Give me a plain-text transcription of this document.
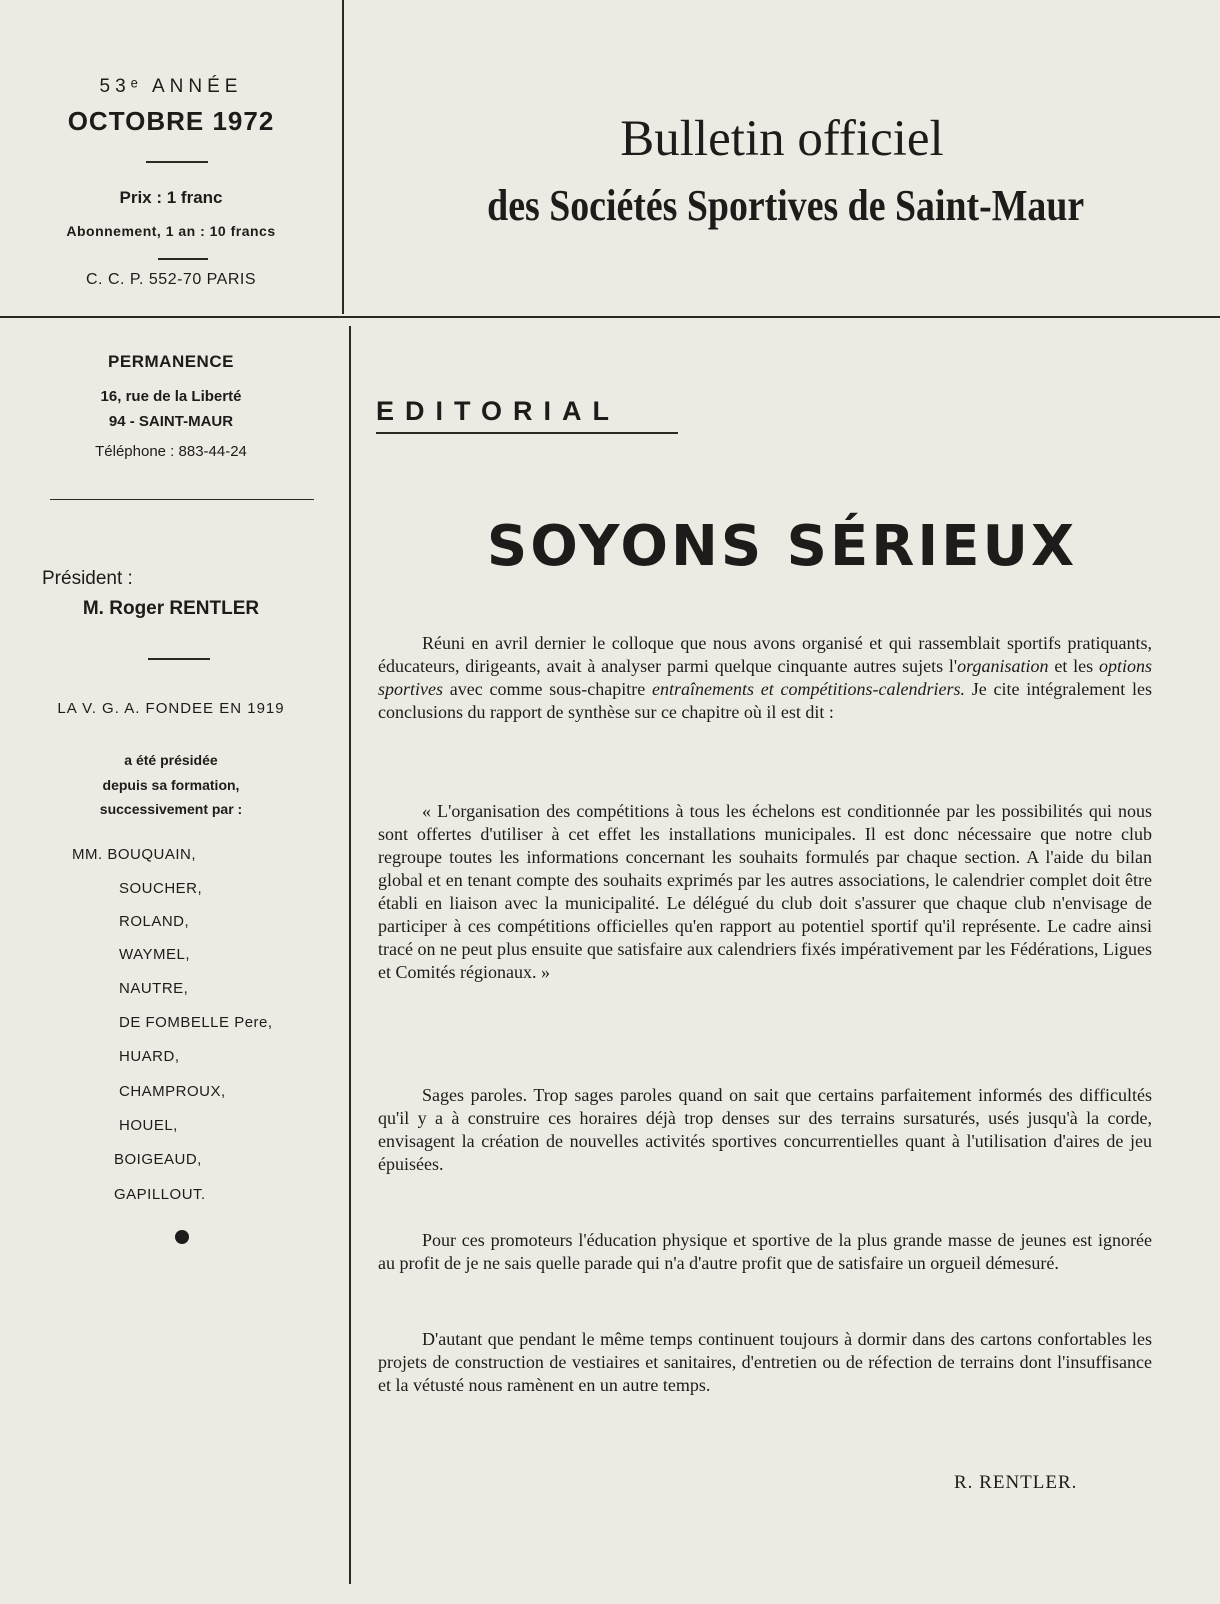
53ᵉ ANNÉE
OCTOBRE 1972
Prix : 1 franc
Abonnement, 1 an : 10 francs
C. C. P. 552-70 PARIS
Bulletin officiel
des Sociétés Sportives de Saint-Maur
PERMANENCE
16, rue de la Liberté
94 - SAINT-MAUR
Téléphone : 883-44-24
Président :
M. Roger RENTLER
LA V. G. A. FONDEE EN 1919
a été présidée
depuis sa formation,
successivement par :
MM. BOUQUAIN,
SOUCHER,
ROLAND,
WAYMEL,
NAUTRE,
DE FOMBELLE Pere,
HUARD,
CHAMPROUX,
HOUEL,
BOIGEAUD,
GAPILLOUT.
EDITORIAL
SOYONS SÉRIEUX

Réuni en avril dernier le colloque que nous avons organisé et qui rassemblait sportifs pratiquants, éducateurs, dirigeants, avait à analyser parmi quelque cinquante autres sujets l'organisation et les options sportives avec comme sous-chapitre entraînements et compétitions-calendriers. Je cite intégralement les conclusions du rapport de synthèse sur ce chapitre où il est dit :

« L'organisation des compétitions à tous les échelons est conditionnée par les possibilités qui nous sont offertes d'utiliser à cet effet les installations municipales. Il est donc nécessaire que notre club regroupe toutes les informations concernant les souhaits formulés par chaque section. A l'aide du bilan global et en tenant compte des souhaits exprimés par les autres associations, le calendrier complet doit être établi en liaison avec la municipalité. Le délégué du club doit s'assurer que chaque club n'envisage de participer à ces compétitions officielles qu'en rapport au potentiel sportif qu'il représente. Le cadre ainsi tracé on ne peut plus ensuite que satisfaire aux calendriers fixés impérativement par les Fédérations, Ligues et Comités régionaux. »

Sages paroles. Trop sages paroles quand on sait que certains parfaitement informés des difficultés qu'il y a à construire ces horaires déjà trop denses sur des terrains sursaturés, usés jusqu'à la corde, envisagent la création de nouvelles activités sportives concurrentielles quant à l'utilisation d'aires de jeu épuisées.

Pour ces promoteurs l'éducation physique et sportive de la plus grande masse de jeunes est ignorée au profit de je ne sais quelle parade qui n'a d'autre profit que de satisfaire un orgueil démesuré.

D'autant que pendant le même temps continuent toujours à dormir dans des cartons confortables les projets de construction de vestiaires et sanitaires, d'entretien ou de réfection de terrains dont l'insuffisance et la vétusté nous ramènent en un autre temps.

R. RENTLER.
